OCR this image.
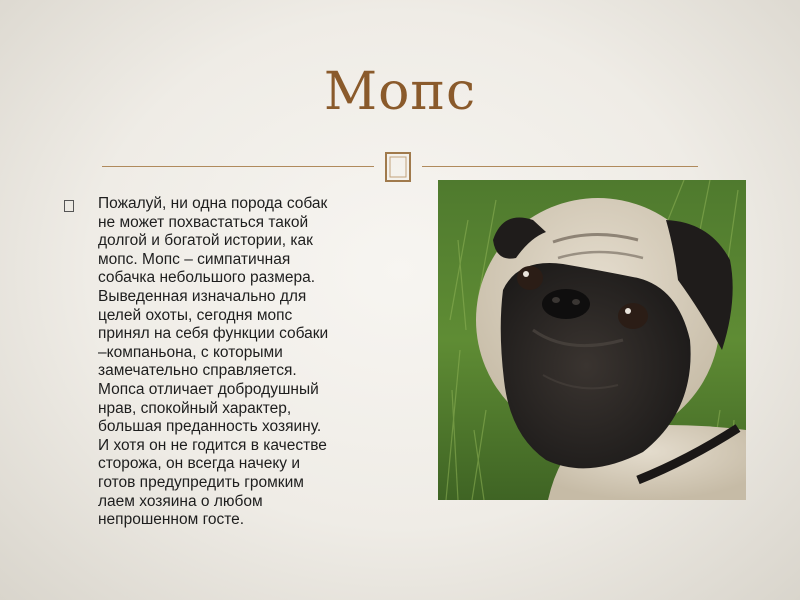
Мопс
Пожалуй, ни одна порода собак
не может похвастаться такой
долгой и богатой истории, как
мопс. Мопс – симпатичная
собачка небольшого размера.
Выведенная изначально для
целей охоты, сегодня мопс
принял на себя функции собаки
–компаньона, с которыми
замечательно справляется.
Мопса отличает добродушный
нрав, спокойный характер,
большая преданность хозяину.
И хотя он не годится в качестве
сторожа, он всегда начеку и
готов предупредить громким
лаем хозяина о любом
непрошенном госте.
